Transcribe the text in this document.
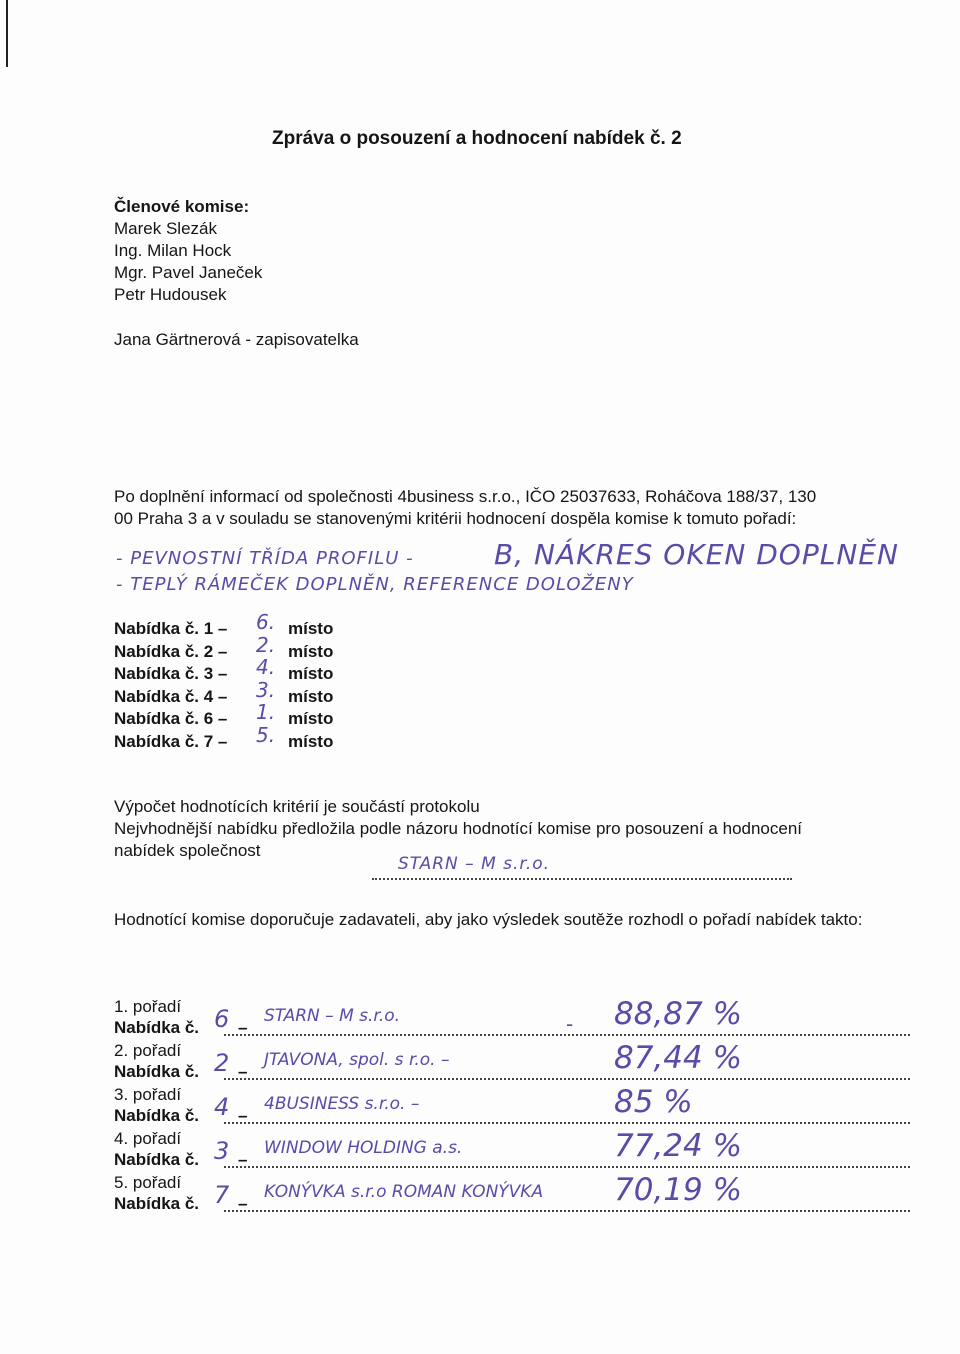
Zpráva o posouzení a hodnocení nabídek č. 2
Členové komise:
Marek Slezák
Ing. Milan Hock
Mgr. Pavel Janeček
Petr Hudousek
Jana Gärtnerová - zapisovatelka
Po doplnění informací od společnosti 4business s.r.o., IČO 25037633, Roháčova 188/37, 130 00 Praha 3 a v souladu se stanovenými kritérii hodnocení dospěla komise k tomuto pořadí:
- PEVNOSTNÍ TŘÍDA PROFILU -
- TEPLÝ RÁMEČEK DOPLNĚN, REFERENCE DOLOŽENY
B, NÁKRES OKEN DOPLNĚN
Nabídka č. 1 – 6. místo
Nabídka č. 2 – 2. místo
Nabídka č. 3 – 4. místo
Nabídka č. 4 – 3. místo
Nabídka č. 6 – 1. místo
Nabídka č. 7 – 5. místo
Výpočet hodnotících kritérií je součástí protokolu
Nejvhodnější nabídku předložila podle názoru hodnotící komise pro posouzení a hodnocení nabídek společnost
STARN – M s.r.o.
Hodnotící komise doporučuje zadavateli, aby jako výsledek soutěže rozhodl o pořadí nabídek takto:
1. pořadí
Nabídka č. 6 –
STARN – M s.r.o.	- 88,87 %
2. pořadí
Nabídka č. 2 –
JTAVONA, spol. s r.o. –	87,44 %
3. pořadí
Nabídka č. 4 –
4BUSINESS s.r.o. –	85 %
4. pořadí
Nabídka č. 3 –
WINDOW HOLDING a.s.	77,24 %
5. pořadí
Nabídka č. 7 –
KONÝVKA s.r.o ROMAN KONÝVKA 70,19 %
